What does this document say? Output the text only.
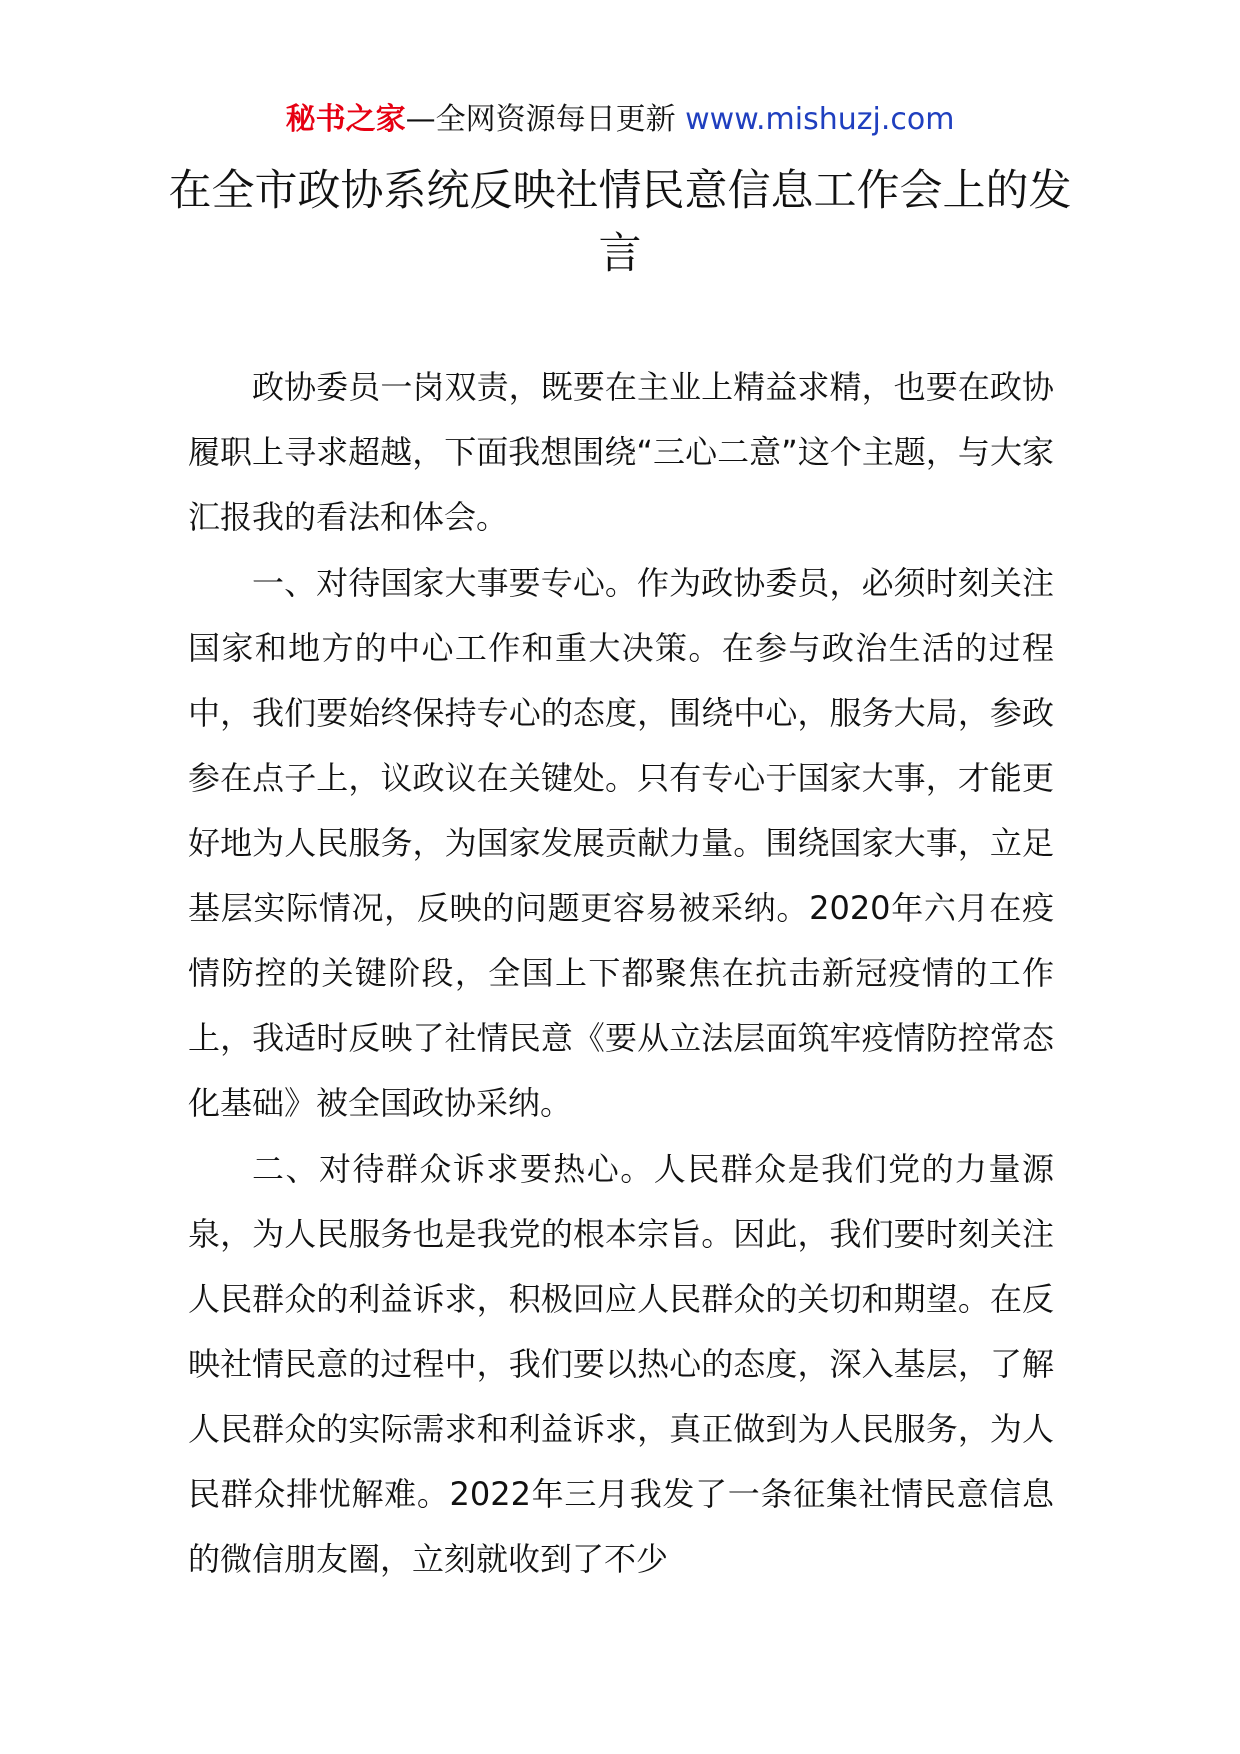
秘书之家—全网资源每日更新 www.mishuzj.com
在全市政协系统反映社情民意信息工作会上的发言

政协委员一岗双责，既要在主业上精益求精，也要在政协履职上寻求超越，下面我想围绕“三心二意”这个主题，与大家汇报我的看法和体会。

一、对待国家大事要专心。作为政协委员，必须时刻关注国家和地方的中心工作和重大决策。在参与政治生活的过程中，我们要始终保持专心的态度，围绕中心，服务大局，参政参在点子上，议政议在关键处。只有专心于国家大事，才能更好地为人民服务，为国家发展贡献力量。围绕国家大事，立足基层实际情况，反映的问题更容易被采纳。2020年六月在疫情防控的关键阶段，全国上下都聚焦在抗击新冠疫情的工作上，我适时反映了社情民意《要从立法层面筑牢疫情防控常态化基础》被全国政协采纳。

二、对待群众诉求要热心。人民群众是我们党的力量源泉，为人民服务也是我党的根本宗旨。因此，我们要时刻关注人民群众的利益诉求，积极回应人民群众的关切和期望。在反映社情民意的过程中，我们要以热心的态度，深入基层，了解人民群众的实际需求和利益诉求，真正做到为人民服务，为人民群众排忧解难。2022年三月我发了一条征集社情民意信息的微信朋友圈，立刻就收到了不少
